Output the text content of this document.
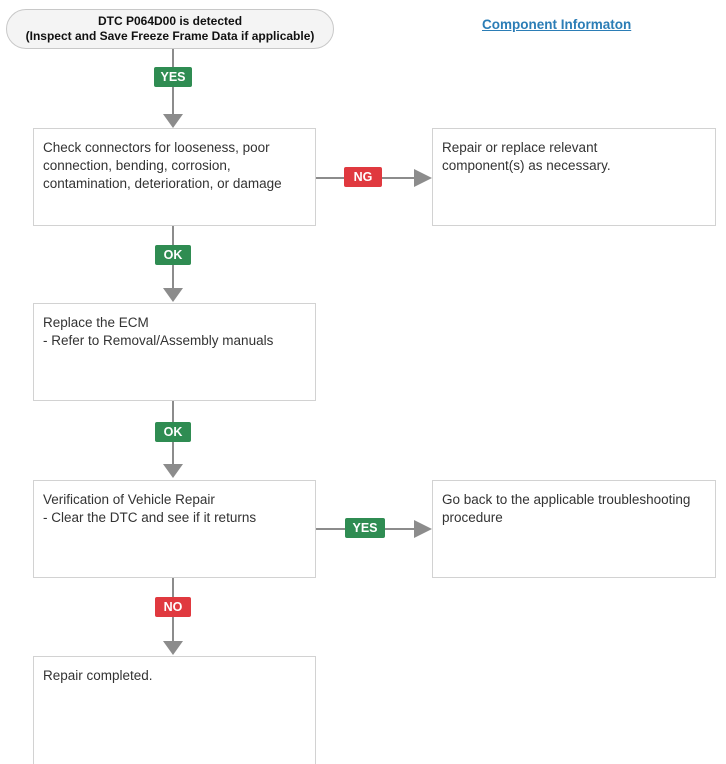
DTC P064D00 is detected
(Inspect and Save Freeze Frame Data if applicable)
Component Informaton
YES
Check connectors for looseness, poor
connection, bending, corrosion,
contamination, deterioration, or damage	NG
Repair or replace relevant
component(s) as necessary.
OK
Replace the ECM
- Refer to Removal/Assembly manuals
OK
Verification of Vehicle Repair
- Clear the DTC and see if it returns
YES
Go back to the applicable troubleshooting
procedure
NO
Repair completed.
